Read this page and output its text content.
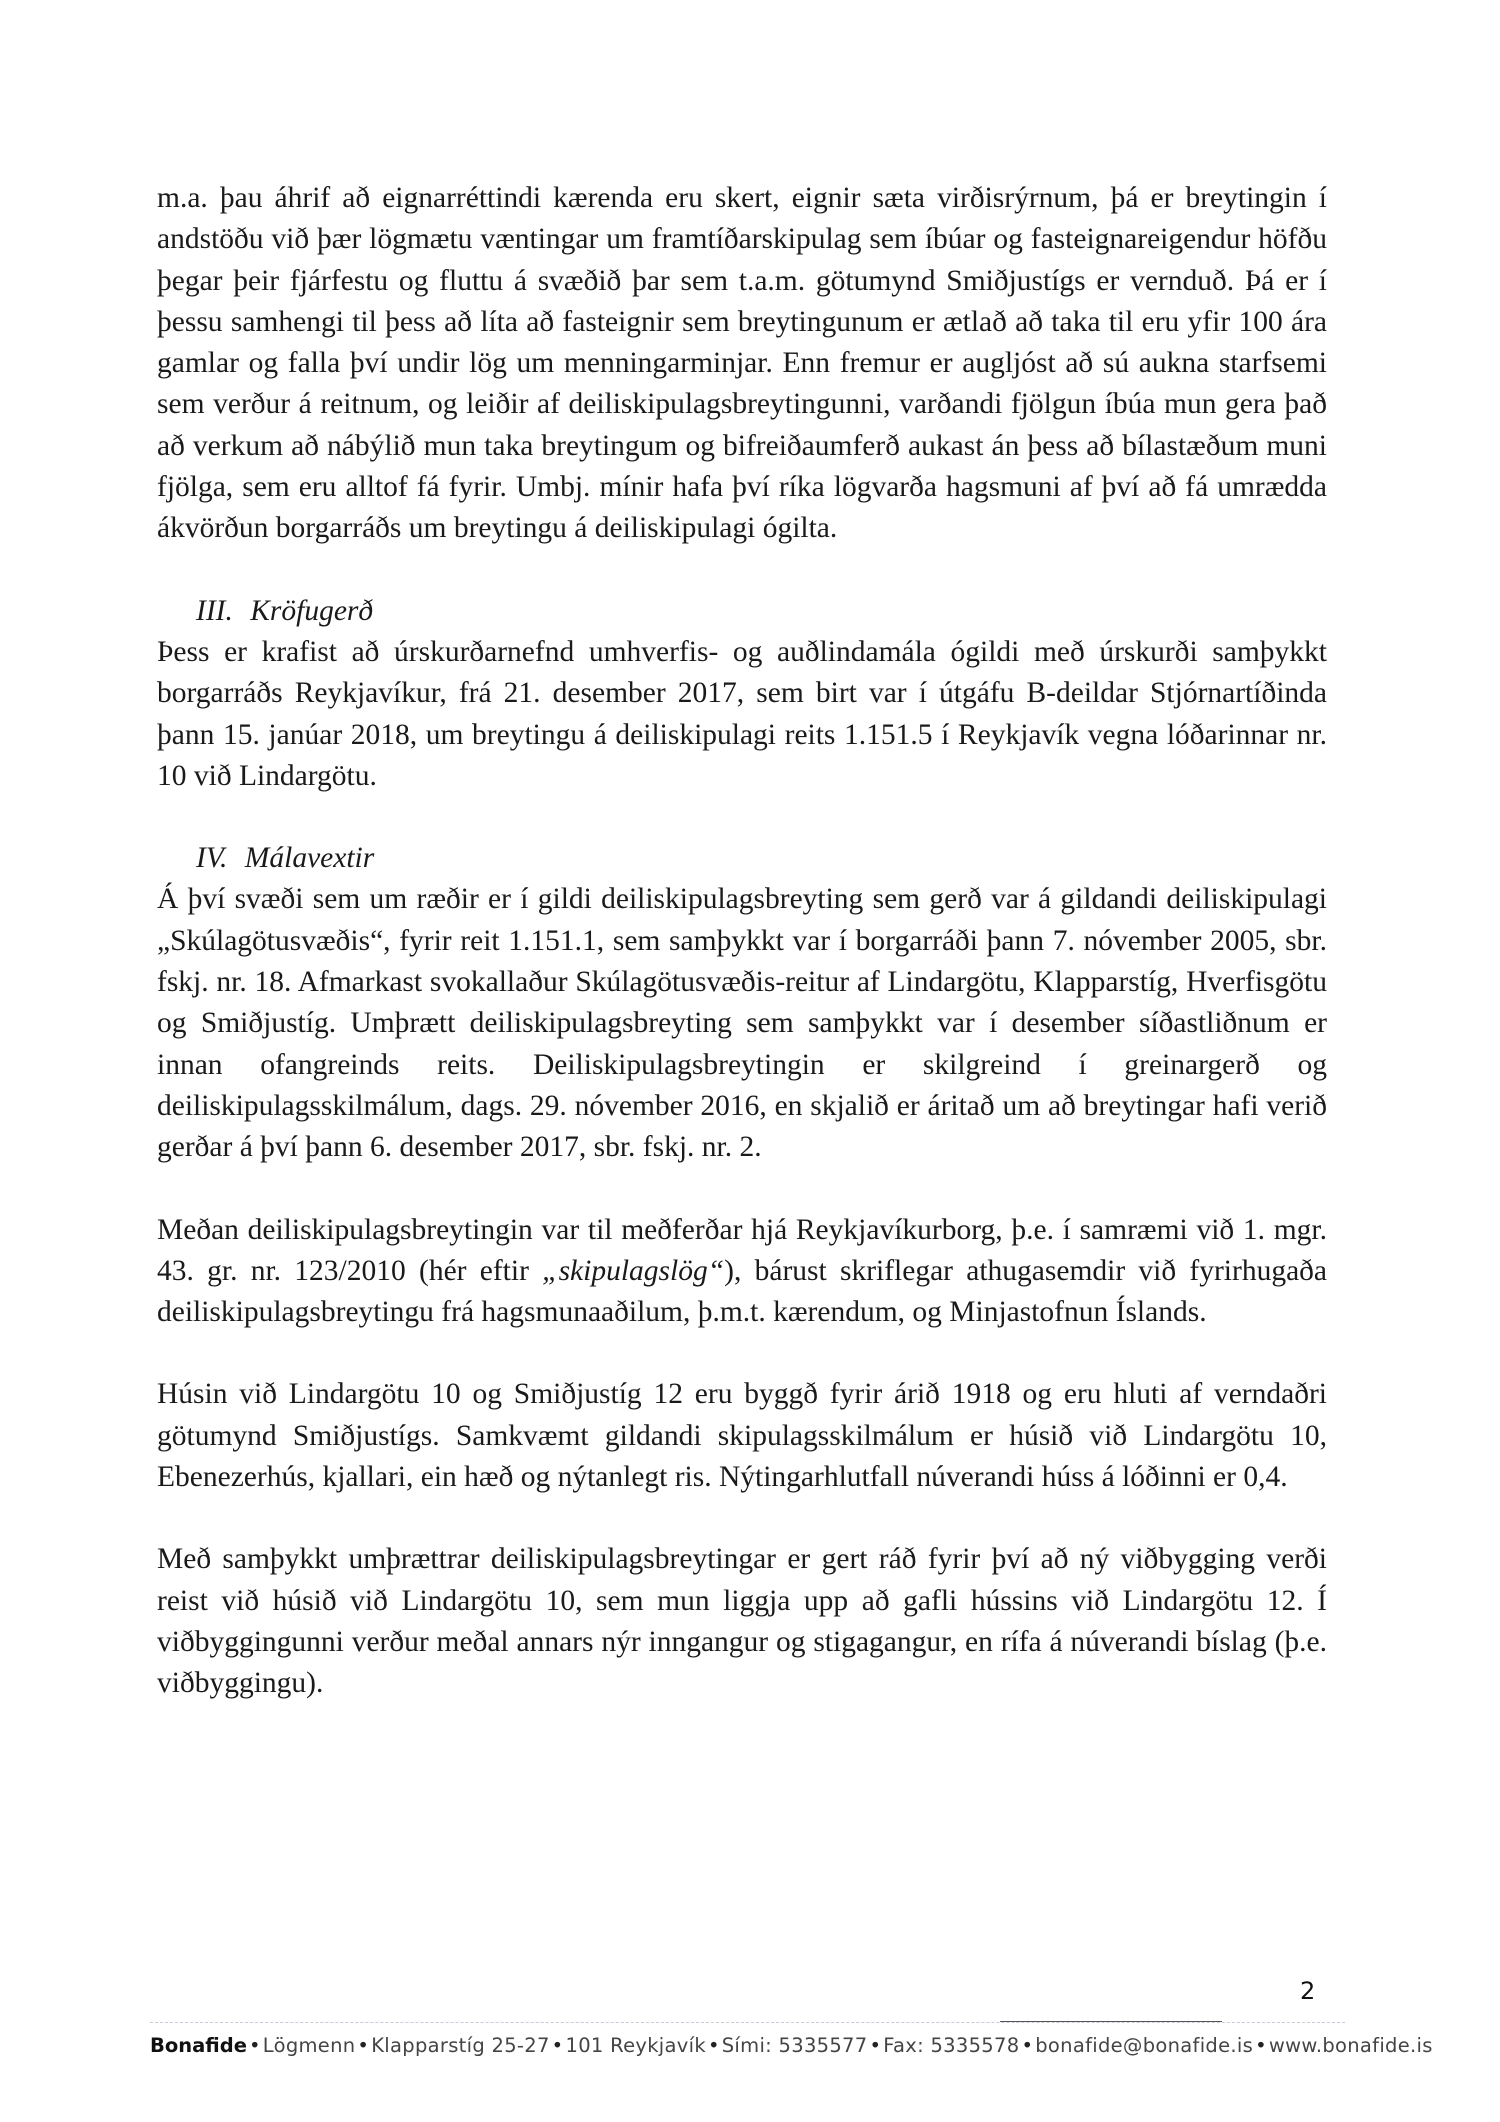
m.a. þau áhrif að eignarréttindi kærenda eru skert, eignir sæta virðisrýrnum, þá er breytingin í andstöðu við þær lögmætu væntingar um framtíðarskipulag sem íbúar og fasteignareigendur höfðu þegar þeir fjárfestu og fluttu á svæðið þar sem t.a.m. götumynd Smiðjustígs er vernduð. Þá er í þessu samhengi til þess að líta að fasteignir sem breytingunum er ætlað að taka til eru yfir 100 ára gamlar og falla því undir lög um menningarminjar. Enn fremur er augljóst að sú aukna starfsemi sem verður á reitnum, og leiðir af deiliskipulagsbreytingunni, varðandi fjölgun íbúa mun gera það að verkum að nábýlið mun taka breytingum og bifreiðaumferð aukast án þess að bílastæðum muni fjölga, sem eru alltof fá fyrir. Umbj. mínir hafa því ríka lögvarða hagsmuni af því að fá umrædda ákvörðun borgarráðs um breytingu á deiliskipulagi ógilta.

III. Kröfugerð

Þess er krafist að úrskurðarnefnd umhverfis- og auðlindamála ógildi með úrskurði samþykkt borgarráðs Reykjavíkur, frá 21. desember 2017, sem birt var í útgáfu B-deildar Stjórnartíðinda þann 15. janúar 2018, um breytingu á deiliskipulagi reits 1.151.5 í Reykjavík vegna lóðarinnar nr. 10 við Lindargötu.

IV. Málavextir

Á því svæði sem um ræðir er í gildi deiliskipulagsbreyting sem gerð var á gildandi deiliskipulagi „Skúlagötusvæðis“, fyrir reit 1.151.1, sem samþykkt var í borgarráði þann 7. nóvember 2005, sbr. fskj. nr. 18. Afmarkast svokallaður Skúlagötusvæðis-reitur af Lindargötu, Klapparstíg, Hverfisgötu og Smiðjustíg. Umþrætt deiliskipulagsbreyting sem samþykkt var í desember síðastliðnum er innan ofangreinds reits. Deiliskipulagsbreytingin er skilgreind í greinargerð og deiliskipulagsskilmálum, dags. 29. nóvember 2016, en skjalið er áritað um að breytingar hafi verið gerðar á því þann 6. desember 2017, sbr. fskj. nr. 2.

Meðan deiliskipulagsbreytingin var til meðferðar hjá Reykjavíkurborg, þ.e. í samræmi við 1. mgr. 43. gr. nr. 123/2010 (hér eftir „skipulagslög“), bárust skriflegar athugasemdir við fyrirhugaða deiliskipulagsbreytingu frá hagsmunaaðilum, þ.m.t. kærendum, og Minjastofnun Íslands.

Húsin við Lindargötu 10 og Smiðjustíg 12 eru byggð fyrir árið 1918 og eru hluti af verndaðri götumynd Smiðjustígs. Samkvæmt gildandi skipulagsskilmálum er húsið við Lindargötu 10, Ebenezerhús, kjallari, ein hæð og nýtanlegt ris. Nýtingarhlutfall núverandi húss á lóðinni er 0,4.

Með samþykkt umþrættrar deiliskipulagsbreytingar er gert ráð fyrir því að ný viðbygging verði reist við húsið við Lindargötu 10, sem mun liggja upp að gafli hússins við Lindargötu 12. Í viðbyggingunni verður meðal annars nýr inngangur og stigagangur, en rífa á núverandi bíslag (þ.e. viðbyggingu).

2
Bonafide • Lögmenn • Klapparstíg 25-27 • 101 Reykjavík • Sími: 5335577 • Fax: 5335578 • bonafide@bonafide.is • www.bonafide.is
